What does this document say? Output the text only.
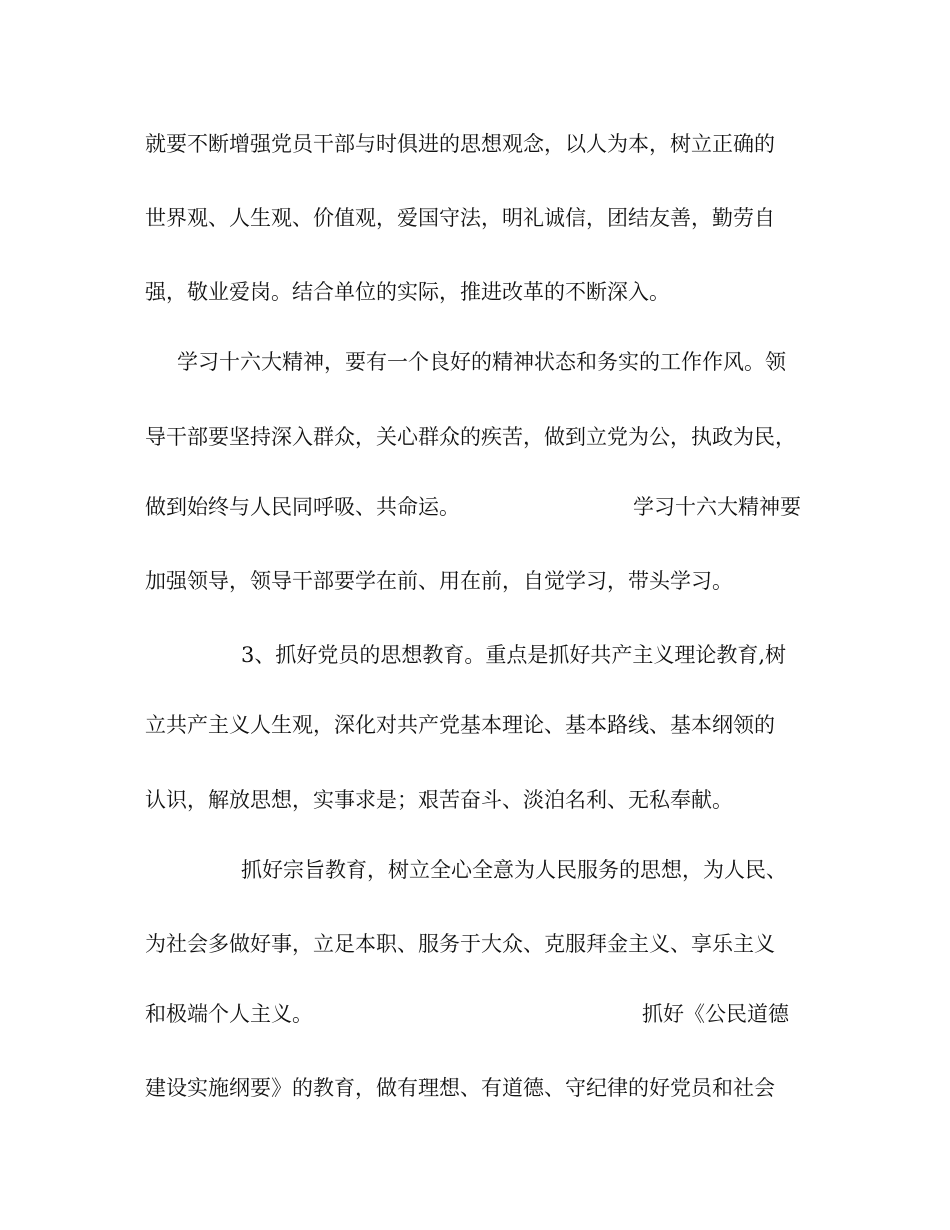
就要不断增强党员干部与时俱进的思想观念，以人为本，树立正确的
世界观、人生观、价值观，爱国守法，明礼诚信，团结友善，勤劳自
强，敬业爱岗。结合单位的实际，推进改革的不断深入。
学习十六大精神，要有一个良好的精神状态和务实的工作作风。领
导干部要坚持深入群众，关心群众的疾苦，做到立党为公，执政为民，

做到始终与人民同呼吸、共命运。

	学习十六大精神要

加强领导，领导干部要学在前、用在前，自觉学习，带头学习。
3、抓好党员的思想教育。重点是抓好共产主义理论教育,树
立共产主义人生观，深化对共产党基本理论、基本路线、基本纲领的
认识，解放思想，实事求是；艰苦奋斗、淡泊名利、无私奉献。
抓好宗旨教育，树立全心全意为人民服务的思想，为人民、
为社会多做好事，立足本职、服务于大众、克服拜金主义、享乐主义

和极端个人主义。

	抓好《公民道德

建设实施纲要》的教育，做有理想、有道德、守纪律的好党员和社会
